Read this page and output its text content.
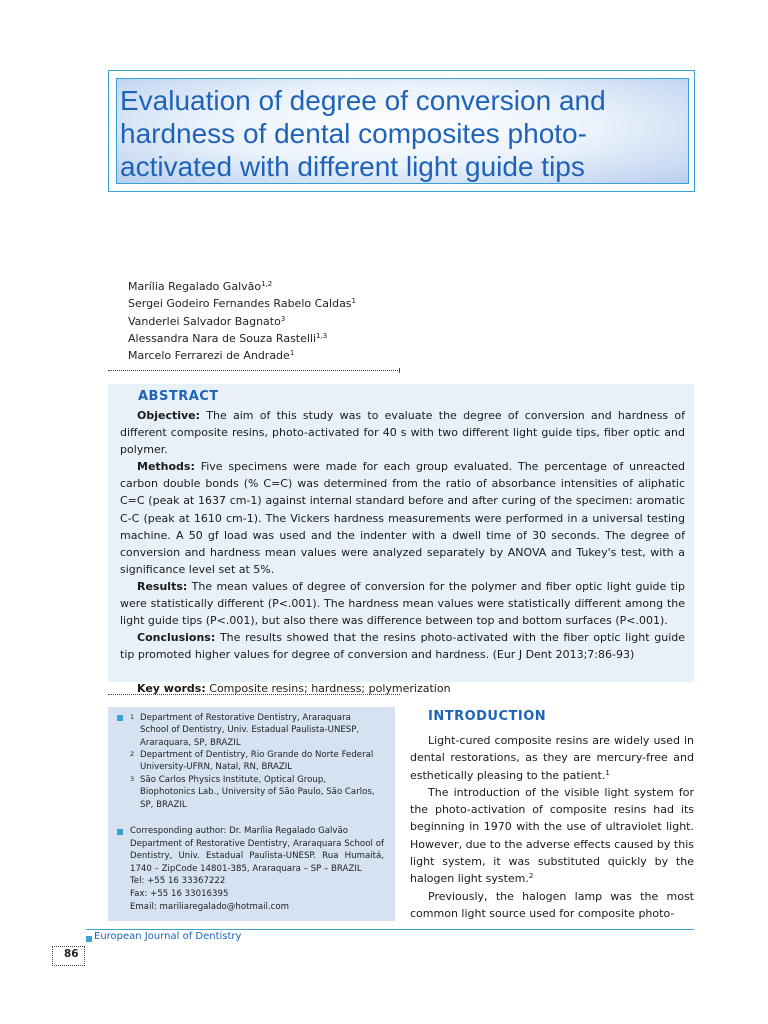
Evaluation of degree of conversion and hardness of dental composites photo-activated with different light guide tips
Marília Regalado Galvão$^{1,2}$
Sergei Godeiro Fernandes Rabelo Caldas$^1$
Vanderlei Salvador Bagnato$^3$
Alessandra Nara de Souza Rastelli$^{1,3}$
Marcelo Ferrarezi de Andrade$^1$
ABSTRACT

Objective: The aim of this study was to evaluate the degree of conversion and hardness of different composite resins, photo-activated for 40 s with two different light guide tips, fiber optic and polymer.

Methods: Five specimens were made for each group evaluated. The percentage of unreacted carbon double bonds (% C=C) was determined from the ratio of absorbance intensities of aliphatic C=C (peak at 1637 cm-1) against internal standard before and after curing of the specimen: aromatic C-C (peak at 1610 cm-1). The Vickers hardness measurements were performed in a universal testing machine. A 50 gf load was used and the indenter with a dwell time of 30 seconds. The degree of conversion and hardness mean values were analyzed separately by ANOVA and Tukey's test, with a significance level set at 5%.

Results: The mean values of degree of conversion for the polymer and fiber optic light guide tip were statistically different (P<.001). The hardness mean values were statistically different among the light guide tips (P<.001), but also there was difference between top and bottom surfaces (P<.001).

Conclusions: The results showed that the resins photo-activated with the fiber optic light guide tip promoted higher values for degree of conversion and hardness. (Eur J Dent 2013;7:86-93)

Key words: Composite resins; hardness; polymerization

1 Department of Restorative Dentistry, Araraquara School of Dentistry, Univ. Estadual Paulista-UNESP, Araraquara, SP, BRAZIL
2 Department of Dentistry, Rio Grande do Norte Federal University-UFRN, Natal, RN, BRAZIL
3 São Carlos Physics Institute, Optical Group, Biophotonics Lab., University of São Paulo, São Carlos, SP, BRAZIL
Corresponding author: Dr. Marília Regalado Galvão
Department of Restorative Dentistry, Araraquara School of Dentistry, Univ. Estadual Paulista-UNESP. Rua Humaitá, 1740 – ZipCode 14801-385, Araraquara – SP – BRAZIL
Tel: +55 16 33367222
Fax: +55 16 33016395
Email: mariliaregalado@hotmail.com
INTRODUCTION

Light-cured composite resins are widely used in dental restorations, as they are mercury-free and esthetically pleasing to the patient.$^1$

The introduction of the visible light system for the photo-activation of composite resins had its beginning in 1970 with the use of ultraviolet light. However, due to the adverse effects caused by this light system, it was substituted quickly by the halogen light system.$^2$

Previously, the halogen lamp was the most common light source used for composite photo-

European Journal of Dentistry
86
